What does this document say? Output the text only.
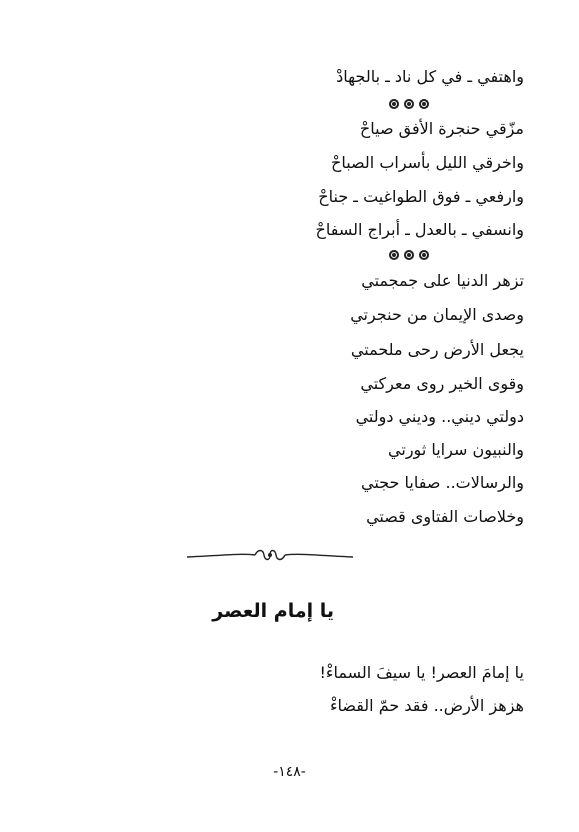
واهتفي ـ في كل ناد ـ بالجهادْ
مزّقي حنجرة الأفق صياحْ
واخرقي الليل بأسراب الصباحْ
وارفعي ـ فوق الطواغيت ـ جناحْ
وانسفي ـ بالعدل ـ أبراج السفاحْ
تزهر الدنيا على جمجمتي
وصدى الإيمان من حنجرتي
يجعل الأرض رحى ملحمتي
وقوى الخير روى معركتي
دولتي ديني.. وديني دولتي
والنبيون سرايا ثورتي
والرسالات.. صفايا حجتي
وخلاصات الفتاوى قصتي
يا إمام العصر
يا إمامَ العصر! يا سيفَ السماءْ!
هزهز الأرض.. فقد حمّ القضاءْ
-١٤٨-
